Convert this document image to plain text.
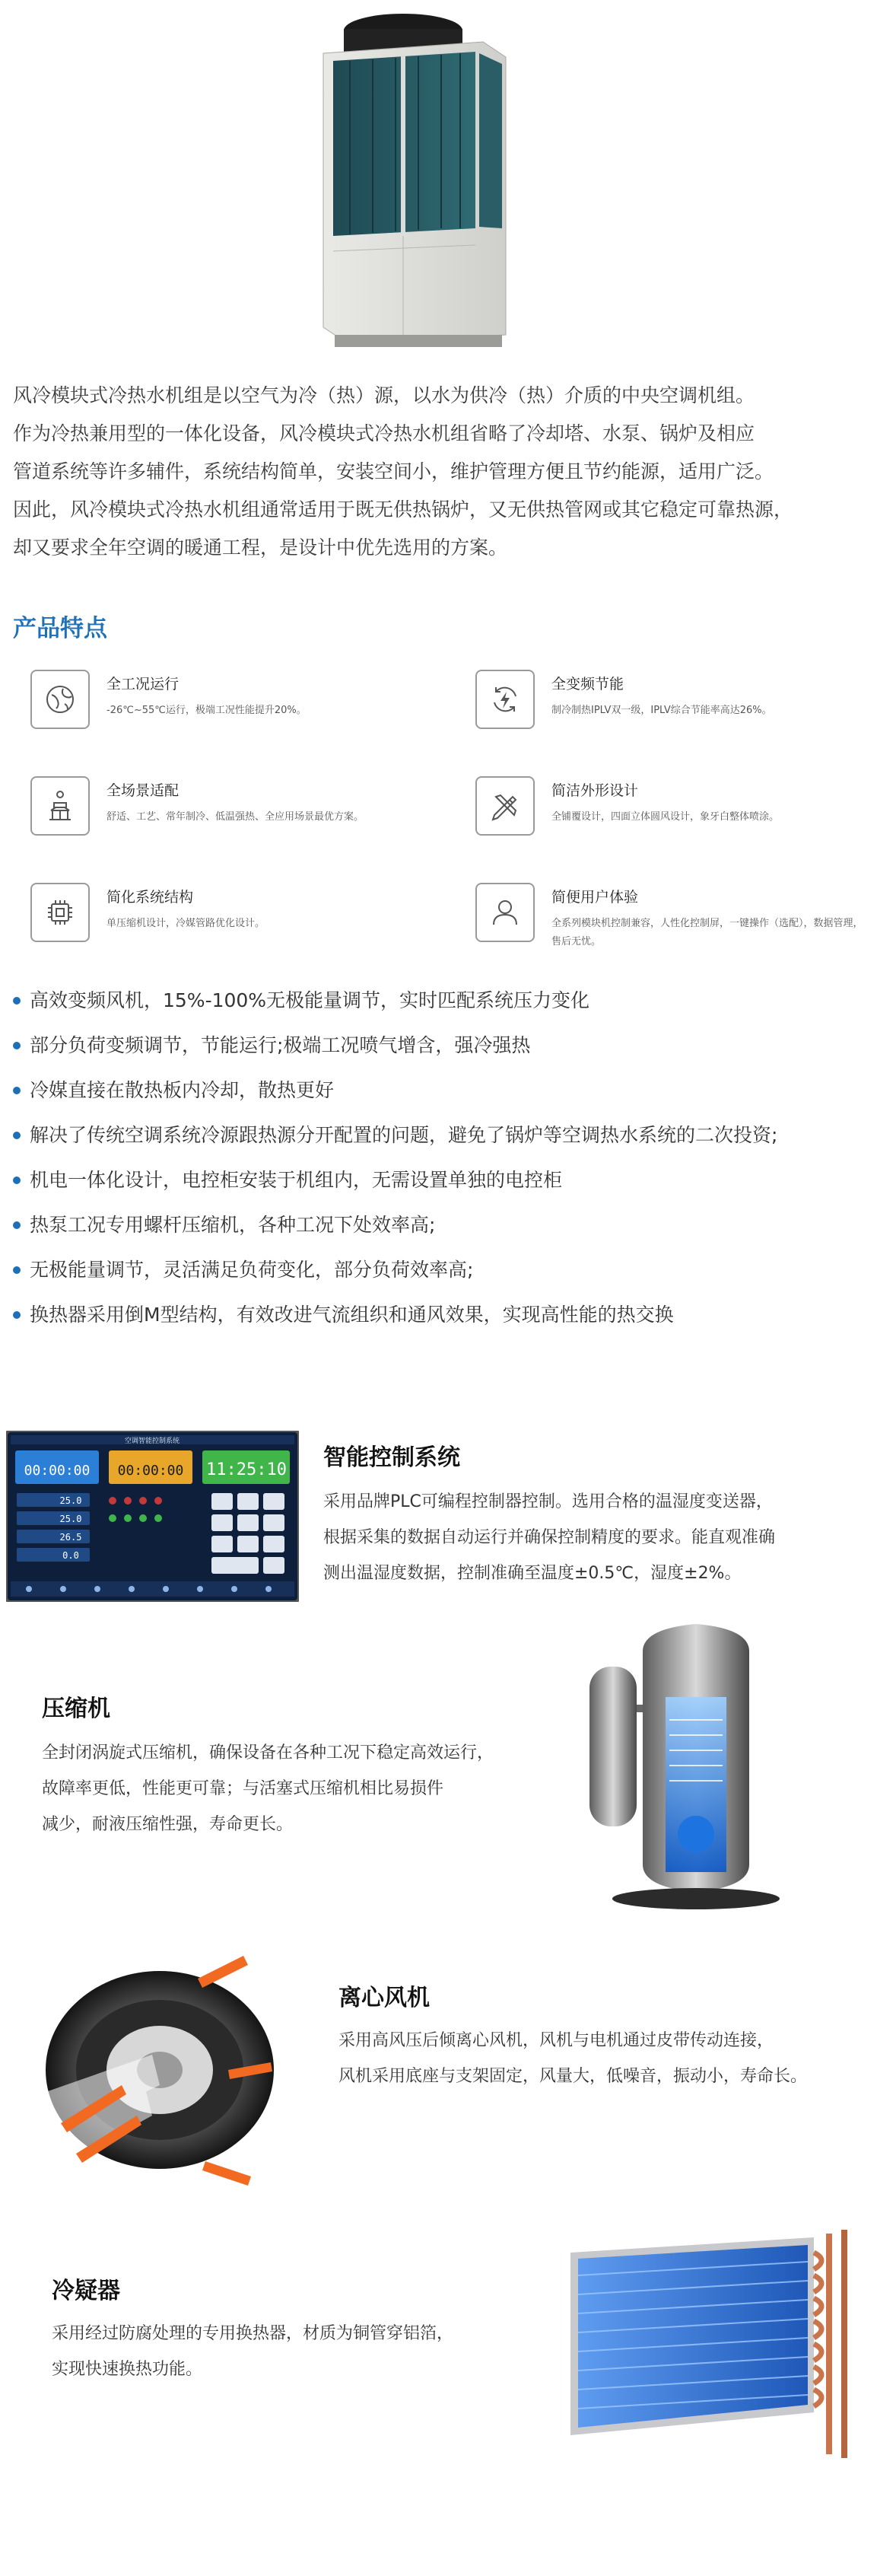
风冷模块式冷热水机组是以空气为冷（热）源，以水为供冷（热）介质的中央空调机组。

作为冷热兼用型的一体化设备，风冷模块式冷热水机组省略了冷却塔、水泵、锅炉及相应

管道系统等许多辅件，系统结构简单，安装空间小，维护管理方便且节约能源，适用广泛。

因此，风冷模块式冷热水机组通常适用于既无供热锅炉，又无供热管网或其它稳定可靠热源，

却又要求全年空调的暖通工程，是设计中优先选用的方案。

产品特点
全工况运行
-26℃~55℃运行，极端工况性能提升20%。
全变频节能
制冷制热IPLV双一级，IPLV综合节能率高达26%。
全场景适配
舒适、工艺、常年制冷、低温强热、全应用场景最优方案。
简洁外形设计
全铺覆设计，四面立体圆风设计，象牙白整体喷涂。
简化系统结构
单压缩机设计，冷媒管路优化设计。
简便用户体验
全系列模块机控制兼容，人性化控制屏，一键操作（选配），数据管理，售后无忧。
高效变频风机，15%-100%无极能量调节，实时匹配系统压力变化
部分负荷变频调节，节能运行;极端工况喷气增含，强冷强热
冷媒直接在散热板内冷却，散热更好
解决了传统空调系统冷源跟热源分开配置的问题，避免了锅炉等空调热水系统的二次投资;
机电一体化设计，电控柜安装于机组内，无需设置单独的电控柜
热泵工况专用螺杆压缩机，各种工况下处效率高;
无极能量调节，灵活满足负荷变化，部分负荷效率高;
换热器采用倒M型结构，有效改进气流组织和通风效果，实现高性能的热交换
空调智能控制系统
00:00:00 00:00:00 11:25:10
25.0
25.0
26.5
0.0
智能控制系统

采用品牌PLC可编程控制器控制。选用合格的温湿度变送器，

根据采集的数据自动运行并确保控制精度的要求。能直观准确

测出温湿度数据，控制准确至温度±0.5℃，湿度±2%。

压缩机

全封闭涡旋式压缩机，确保设备在各种工况下稳定高效运行，

故障率更低，性能更可靠；与活塞式压缩机相比易损件

减少，耐液压缩性强，寿命更长。

离心风机

采用高风压后倾离心风机，风机与电机通过皮带传动连接，

风机采用底座与支架固定，风量大，低噪音，振动小，寿命长。

冷疑器

采用经过防腐处理的专用换热器，材质为铜管穿铝箔，

实现快速换热功能。
